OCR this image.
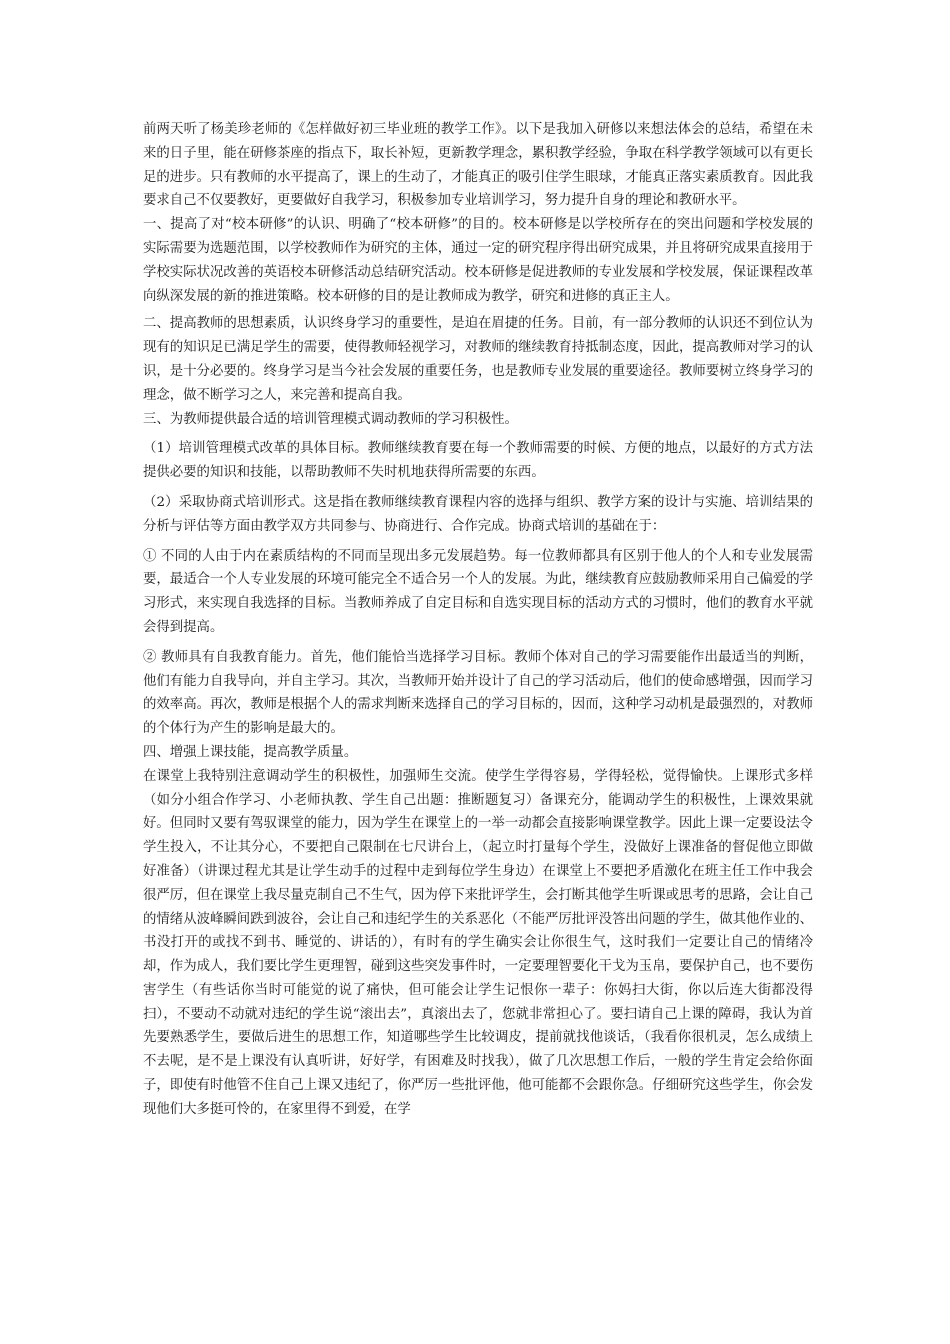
前两天听了杨美珍老师的《怎样做好初三毕业班的教学工作》。以下是我加入研修以来想法体会的总结，希望在未来的日子里，能在研修茶座的指点下，取长补短，更新教学理念，累积教学经验，争取在科学教学领域可以有更长足的进步。只有教师的水平提高了，课上的生动了，才能真正的吸引住学生眼球，才能真正落实素质教育。因此我要求自己不仅要教好，更要做好自我学习，积极参加专业培训学习，努力提升自身的理论和教研水平。

一、提高了对“校本研修”的认识、明确了“校本研修”的目的。校本研修是以学校所存在的突出问题和学校发展的实际需要为选题范围，以学校教师作为研究的主体，通过一定的研究程序得出研究成果，并且将研究成果直接用于学校实际状况改善的英语校本研修活动总结研究活动。校本研修是促进教师的专业发展和学校发展，保证课程改革向纵深发展的新的推进策略。校本研修的目的是让教师成为教学，研究和进修的真正主人。

二、提高教师的思想素质，认识终身学习的重要性，是迫在眉捷的任务。目前，有一部分教师的认识还不到位认为现有的知识足已满足学生的需要，使得教师轻视学习，对教师的继续教育持抵制态度，因此，提高教师对学习的认识，是十分必要的。终身学习是当今社会发展的重要任务，也是教师专业发展的重要途径。教师要树立终身学习的理念，做不断学习之人，来完善和提高自我。

三、为教师提供最合适的培训管理模式调动教师的学习积极性。

（1）培训管理模式改革的具体目标。教师继续教育要在每一个教师需要的时候、方便的地点，以最好的方式方法提供必要的知识和技能，以帮助教师不失时机地获得所需要的东西。

（2）采取协商式培训形式。这是指在教师继续教育课程内容的选择与组织、教学方案的设计与实施、培训结果的分析与评估等方面由教学双方共同参与、协商进行、合作完成。协商式培训的基础在于：

① 不同的人由于内在素质结构的不同而呈现出多元发展趋势。每一位教师都具有区别于他人的个人和专业发展需要，最适合一个人专业发展的环境可能完全不适合另一个人的发展。为此，继续教育应鼓励教师采用自己偏爱的学习形式，来实现自我选择的目标。当教师养成了自定目标和自选实现目标的活动方式的习惯时，他们的教育水平就会得到提高。

② 教师具有自我教育能力。首先，他们能恰当选择学习目标。教师个体对自己的学习需要能作出最适当的判断，他们有能力自我导向，并自主学习。其次，当教师开始并设计了自己的学习活动后，他们的使命感增强，因而学习的效率高。再次，教师是根据个人的需求判断来选择自己的学习目标的，因而，这种学习动机是最强烈的，对教师的个体行为产生的影响是最大的。

四、增强上课技能，提高教学质量。

在课堂上我特别注意调动学生的积极性，加强师生交流。使学生学得容易，学得轻松，觉得愉快。上课形式多样（如分小组合作学习、小老师执教、学生自己出题：推断题复习）备课充分，能调动学生的积极性，上课效果就好。但同时又要有驾驭课堂的能力，因为学生在课堂上的一举一动都会直接影响课堂教学。因此上课一定要设法令学生投入，不让其分心，不要把自己限制在七尺讲台上，（起立时打量每个学生，没做好上课准备的督促他立即做好准备）（讲课过程尤其是让学生动手的过程中走到每位学生身边）在课堂上不要把矛盾激化在班主任工作中我会很严厉，但在课堂上我尽量克制自己不生气，因为停下来批评学生，会打断其他学生听课或思考的思路，会让自己的情绪从波峰瞬间跌到波谷，会让自己和违纪学生的关系恶化（不能严厉批评没答出问题的学生，做其他作业的、书没打开的或找不到书、睡觉的、讲话的），有时有的学生确实会让你很生气，这时我们一定要让自己的情绪冷却，作为成人，我们要比学生更理智，碰到这些突发事件时，一定要理智要化干戈为玉帛，要保护自己，也不要伤害学生（有些话你当时可能觉的说了痛快，但可能会让学生记恨你一辈子：你妈扫大街，你以后连大街都没得扫），不要动不动就对违纪的学生说“滚出去”，真滚出去了，您就非常担心了。要扫请自己上课的障碍，我认为首先要熟悉学生，要做后进生的思想工作，知道哪些学生比较调皮，提前就找他谈话，（我看你很机灵，怎么成绩上不去呢，是不是上课没有认真听讲，好好学，有困难及时找我），做了几次思想工作后，一般的学生肯定会给你面子，即使有时他管不住自己上课又违纪了，你严厉一些批评他，他可能都不会跟你急。仔细研究这些学生，你会发现他们大多挺可怜的，在家里得不到爱，在学
